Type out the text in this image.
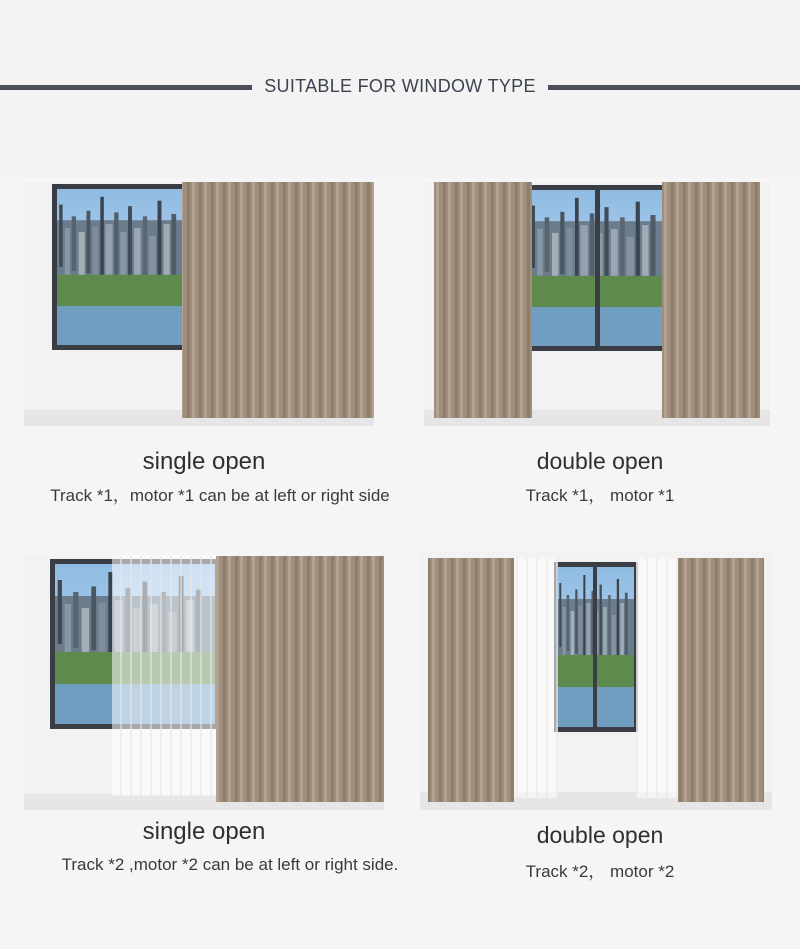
SUITABLE FOR WINDOW TYPE
single open
Track *1，motor *1 can be at left or right side
double open
Track *1， motor *1
single open
Track *2 ,motor *2 can be at left or right side.
double open
Track *2， motor *2
